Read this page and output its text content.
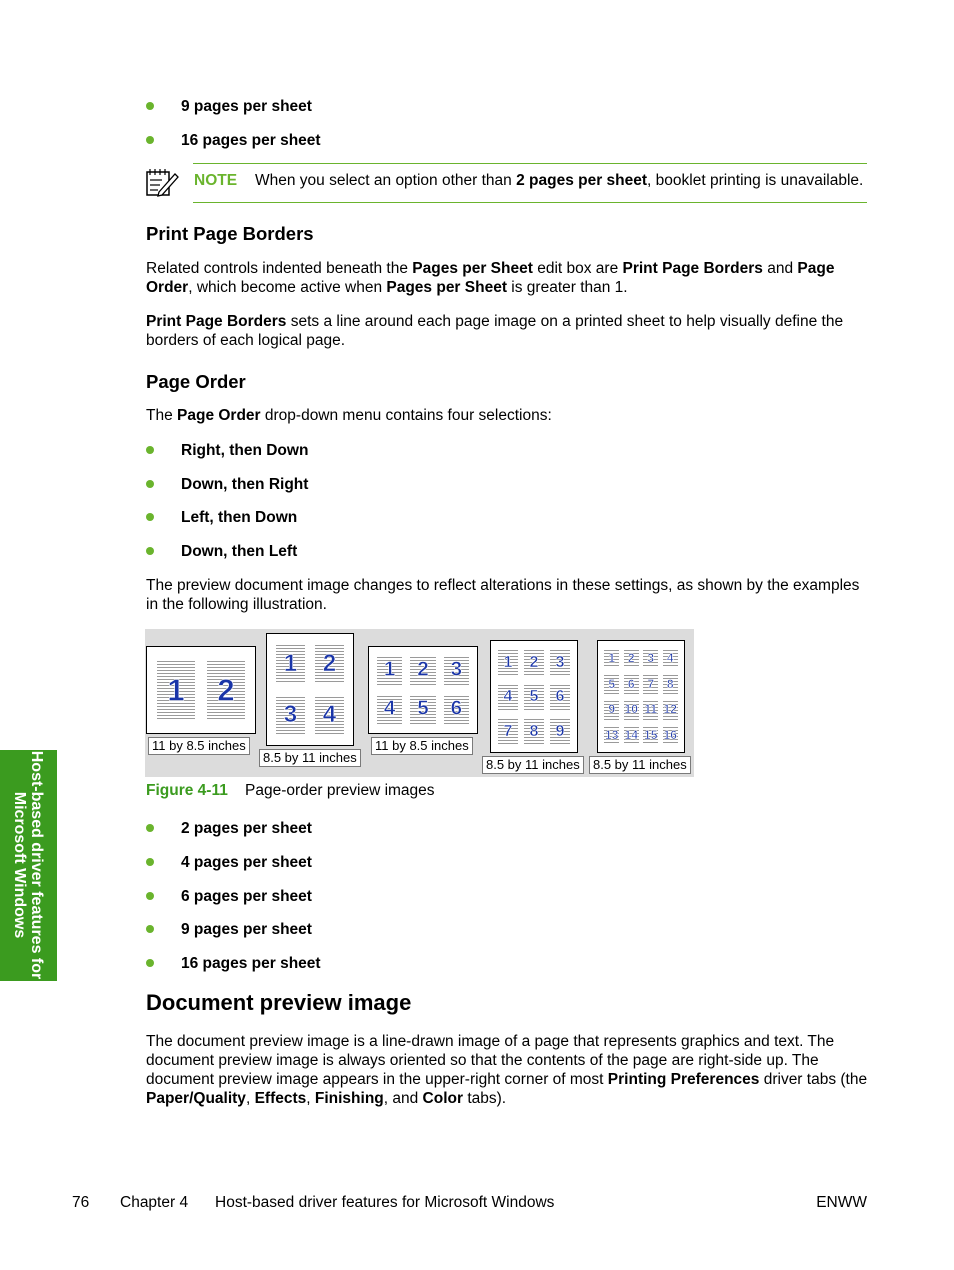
9 pages per sheet
16 pages per sheet
NOTE When you select an option other than 2 pages per sheet, booklet printing is unavailable.
Print Page Borders
Related controls indented beneath the Pages per Sheet edit box are Print Page Borders and Page Order, which become active when Pages per Sheet is greater than 1.
Print Page Borders sets a line around each page image on a printed sheet to help visually define the borders of each logical page.
Page Order
The Page Order drop-down menu contains four selections:
Right, then Down
Down, then Right
Left, then Down
Down, then Left
The preview document image changes to reflect alterations in these settings, as shown by the examples in the following illustration.
1	2
11 by 8.5 inches
1	2
3	4
8.5 by 11 inches
1	2	3
4	5	6
11 by 8.5 inches
1	2	3
4	5	6
7	8	9
8.5 by 11 inches
1	2	3	4
5	6	7	8
9 10 11 12
13 14 15 16
8.5 by 11 inches
Figure 4-11 Page-order preview images
2 pages per sheet
4 pages per sheet
6 pages per sheet
9 pages per sheet
16 pages per sheet
Document preview image
The document preview image is a line-drawn image of a page that represents graphics and text. The document preview image is always oriented so that the contents of the page are right-side up. The document preview image appears in the upper-right corner of most Printing Preferences driver tabs (the Paper/Quality, Effects, Finishing, and Color tabs).
Host-based driver features for Microsoft Windows
76 Chapter 4 Host-based driver features for Microsoft Windows	ENWW
